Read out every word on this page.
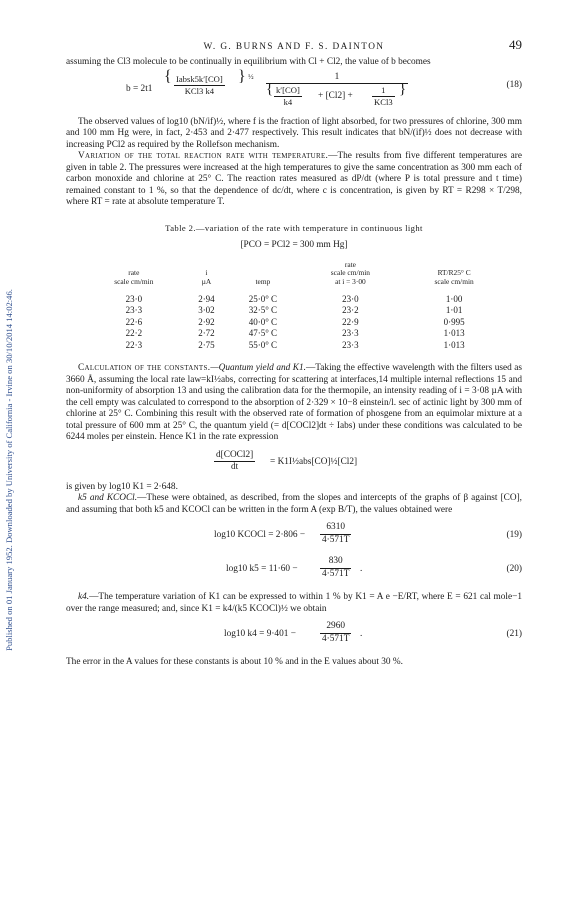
Published on 01 January 1952. Downloaded by University of California - Irvine on 30/10/2014 14:02:46.
W. G. BURNS AND F. S. DAINTON	49

assuming the Cl3 molecule to be continually in equilibrium with Cl + Cl2, the value of b becomes

b = 2t1
{ Iabsk5k′[CO]
KCl3 k4
} ½	1
{ $\frac{k'[CO]}{k4} + [Cl2]$ +
1
KCl3
}	(18)

The observed values of log10 (bN/if)½, where f is the fraction of light absorbed, for two pressures of chlorine, 300 mm and 100 mm Hg were, in fact, 2·453 and 2·477 respectively. This result indicates that bN/(if)½ does not decrease with increasing PCl2 as required by the Rollefson mechanism.

Variation of the total reaction rate with temperature.—The results from five different temperatures are given in table 2. The pressures were increased at the high temperatures to give the same concentration as 300 mm each of carbon monoxide and chlorine at 25° C. The reaction rates measured as dP/dt (where P is total pressure and t time) remained constant to 1 %, so that the dependence of dc/dt, where c is concentration, is given by RT = R298 × T/298, where RT = rate at absolute temperature T.

Table 2.—variation of the rate with temperature in continuous light
[PCO = PCl2 = 300 mm Hg]
rate
scale cm/min	i
µA	temp	rate
scale cm/min
at i = 3·00	RT/R25° C
scale cm/min
23·0	2·94	25·0° C	23·0	1·00
23·3	3·02	32·5° C	23·2	1·01
22·6	2·92	40·0° C	22·9	0·995
22·2	2·72	47·5° C	23·3	1·013
22·3	2·75	55·0° C	23·3	1·013

Calculation of the constants.—Quantum yield and K1.—Taking the effective wavelength with the filters used as 3660 Å, assuming the local rate law=kI½abs, correcting for scattering at interfaces,14 multiple internal reflections 15 and non-uniformity of absorption 13 and using the calibration data for the thermopile, an intensity reading of i = 3·08 µA with the cell empty was calculated to correspond to the absorption of 2·329 × 10−8 einstein/l. sec of actinic light by 300 mm of chlorine at 25° C. Combining this result with the observed rate of formation of phosgene from an equimolar mixture at a total pressure of 600 mm at 25° C, the quantum yield (= d[COCl2]dt ÷ Iabs) under these conditions was calculated to be 6244 moles per einstein. Hence K1 in the rate expression

d[COCl2]
dt
= K1I½abs[CO]½[Cl2]

is given by log10 K1 = 2·648.

k5 and KCOCl.—These were obtained, as described, from the slopes and intercepts of the graphs of β against [CO], and assuming that both k5 and KCOCl can be written in the form A (exp B/T), the values obtained were

log10 KCOCl = $2\cdot 806 - \frac{6310}{4\cdot 571T}$	(19)
log10 $k5 = 11\cdot 60 - \frac{830}{4\cdot 571T}$ .	(20)

k4.—The temperature variation of K1 can be expressed to within 1 % by K1 = A e −E/RT, where E = 621 cal mole−1 over the range measured; and, since K1 = k4/(k5 KCOCl)½ we obtain

log10 k4 = 9·401 −	$\frac{2960}{4\cdot 571T}$ .	(21)

The error in the A values for these constants is about 10 % and in the E values about 30 %.
